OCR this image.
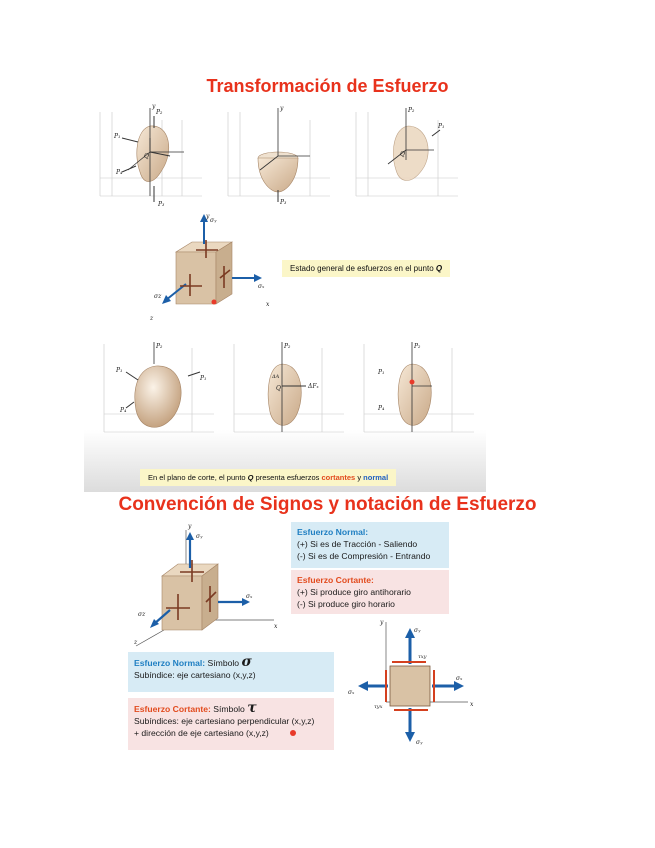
Transformación de Esfuerzo
y
P₂
P₁
P₄
P₃
Q
y
P₃
P₂
P₁
Q
σᵧ
σₓ
σz
x
z
y
Estado general de esfuerzos en el punto Q
P₂
P₁
P₁
P₄
P₂
ΔFₓ
ΔA
Q
P₂
P₁
P₄
En el plano de corte, el punto Q presenta esfuerzos cortantes y normal
Convención de Signos y notación de Esfuerzo
σᵧ
σₓ
σz
x
z
y
Esfuerzo Normal:
(+) Si es de Tracción - Saliendo
(-) Si es de Compresión - Entrando
Esfuerzo Cortante:
(+) Si produce giro antihorario
(-) Si produce giro horario
y
σᵧ
σₓ
σₓ
σᵧ
τxy
τyx	x
Esfuerzo Normal: Símbolo σ
Subíndice: eje cartesiano (x,y,z)
Esfuerzo Cortante: Símbolo τ
Subíndices: eje cartesiano perpendicular (x,y,z)
+ dirección de eje cartesiano (x,y,z)
